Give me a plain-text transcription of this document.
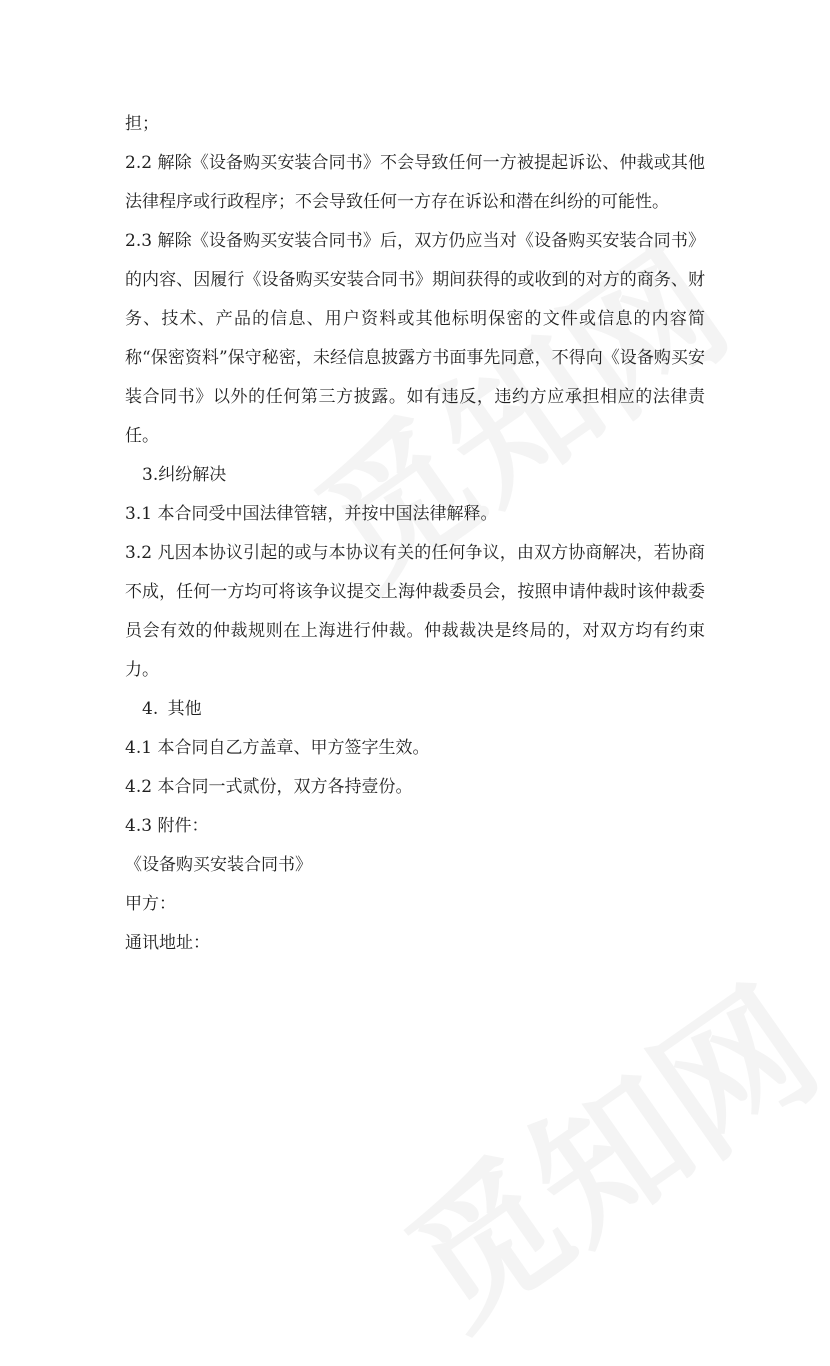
担；

2.2 解除《设备购买安装合同书》不会导致任何一方被提起诉讼、仲裁或其他法律程序或行政程序；不会导致任何一方存在诉讼和潜在纠纷的可能性。

2.3 解除《设备购买安装合同书》后，双方仍应当对《设备购买安装合同书》的内容、因履行《设备购买安装合同书》期间获得的或收到的对方的商务、财务、技术、产品的信息、用户资料或其他标明保密的文件或信息的内容简称“保密资料”保守秘密，未经信息披露方书面事先同意，不得向《设备购买安装合同书》以外的任何第三方披露。如有违反，违约方应承担相应的法律责任。

3.纠纷解决

3.1 本合同受中国法律管辖，并按中国法律解释。

3.2 凡因本协议引起的或与本协议有关的任何争议，由双方协商解决，若协商不成，任何一方均可将该争议提交上海仲裁委员会，按照申请仲裁时该仲裁委员会有效的仲裁规则在上海进行仲裁。仲裁裁决是终局的，对双方均有约束力。

4. 其他

4.1 本合同自乙方盖章、甲方签字生效。

4.2 本合同一式贰份，双方各持壹份。

4.3 附件：

《设备购买安装合同书》

甲方：

通讯地址：
